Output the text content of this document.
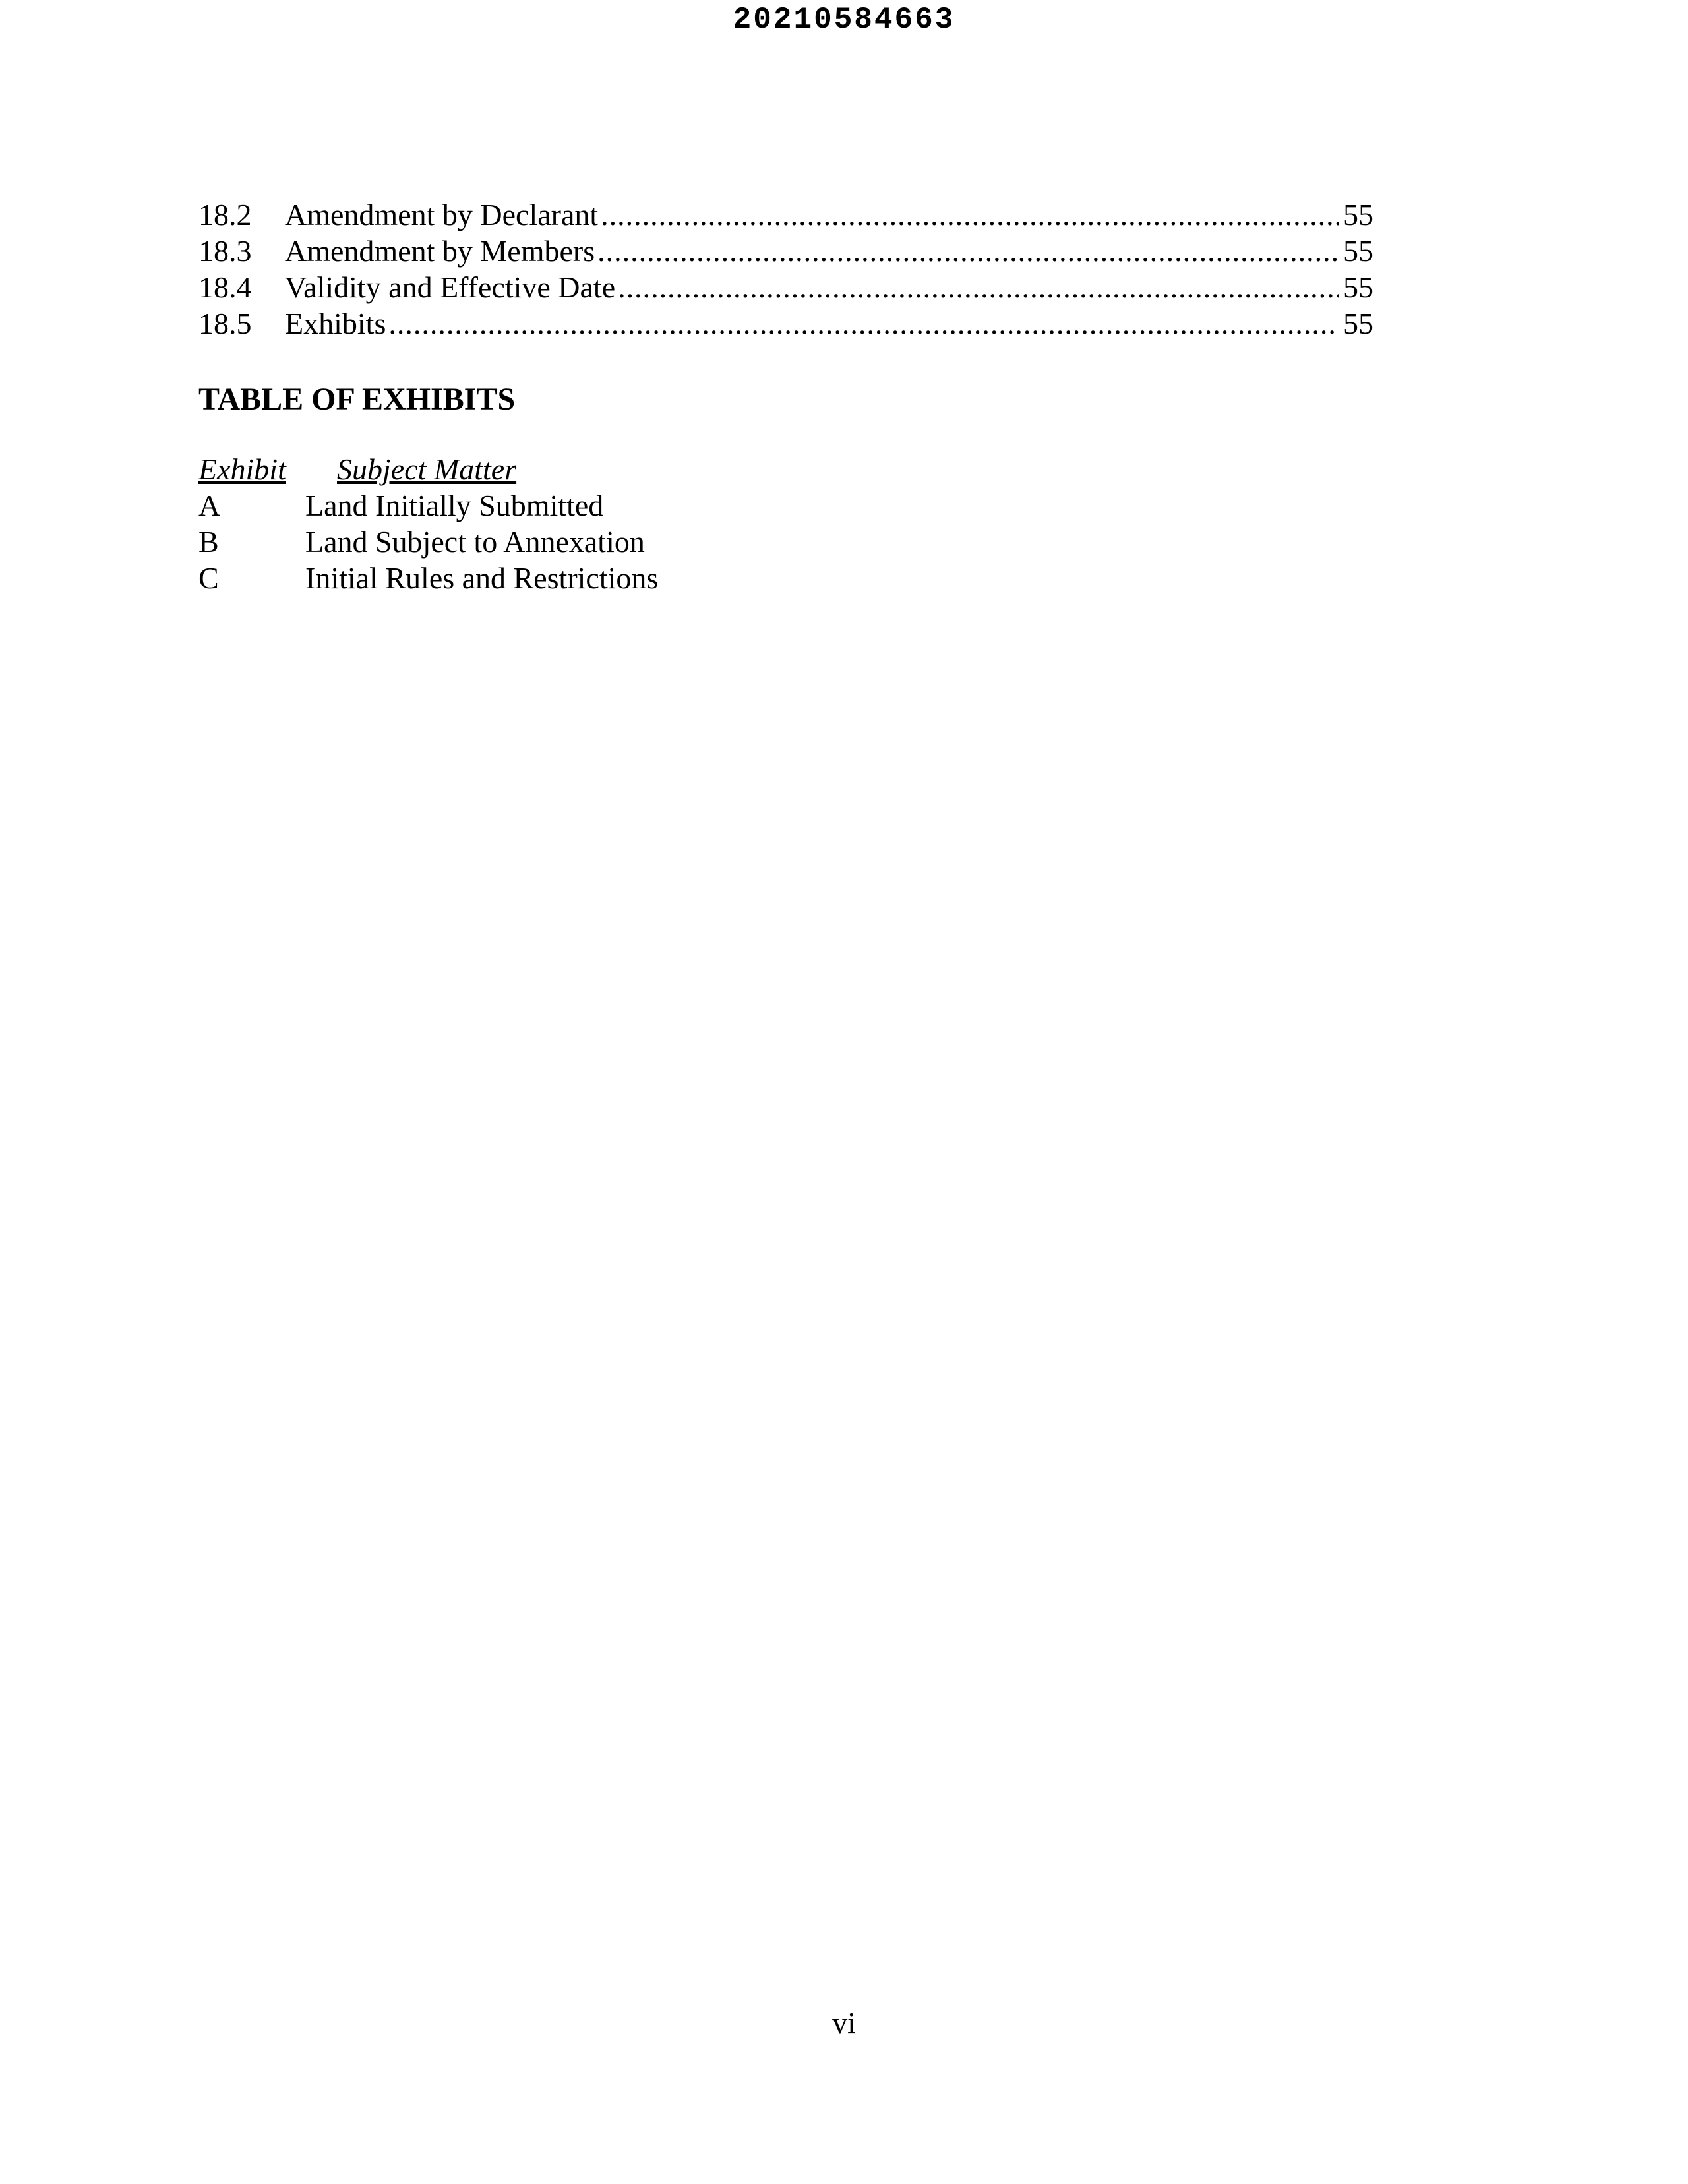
20210584663
18.2	Amendment by Declarant .....	55
18.3	Amendment by Members .....	55
18.4	Validity and Effective Date .....	55
18.5	Exhibits .....	55
TABLE OF EXHIBITS
Exhibit	Subject Matter
A	Land Initially Submitted
B	Land Subject to Annexation
C	Initial Rules and Restrictions
vi
